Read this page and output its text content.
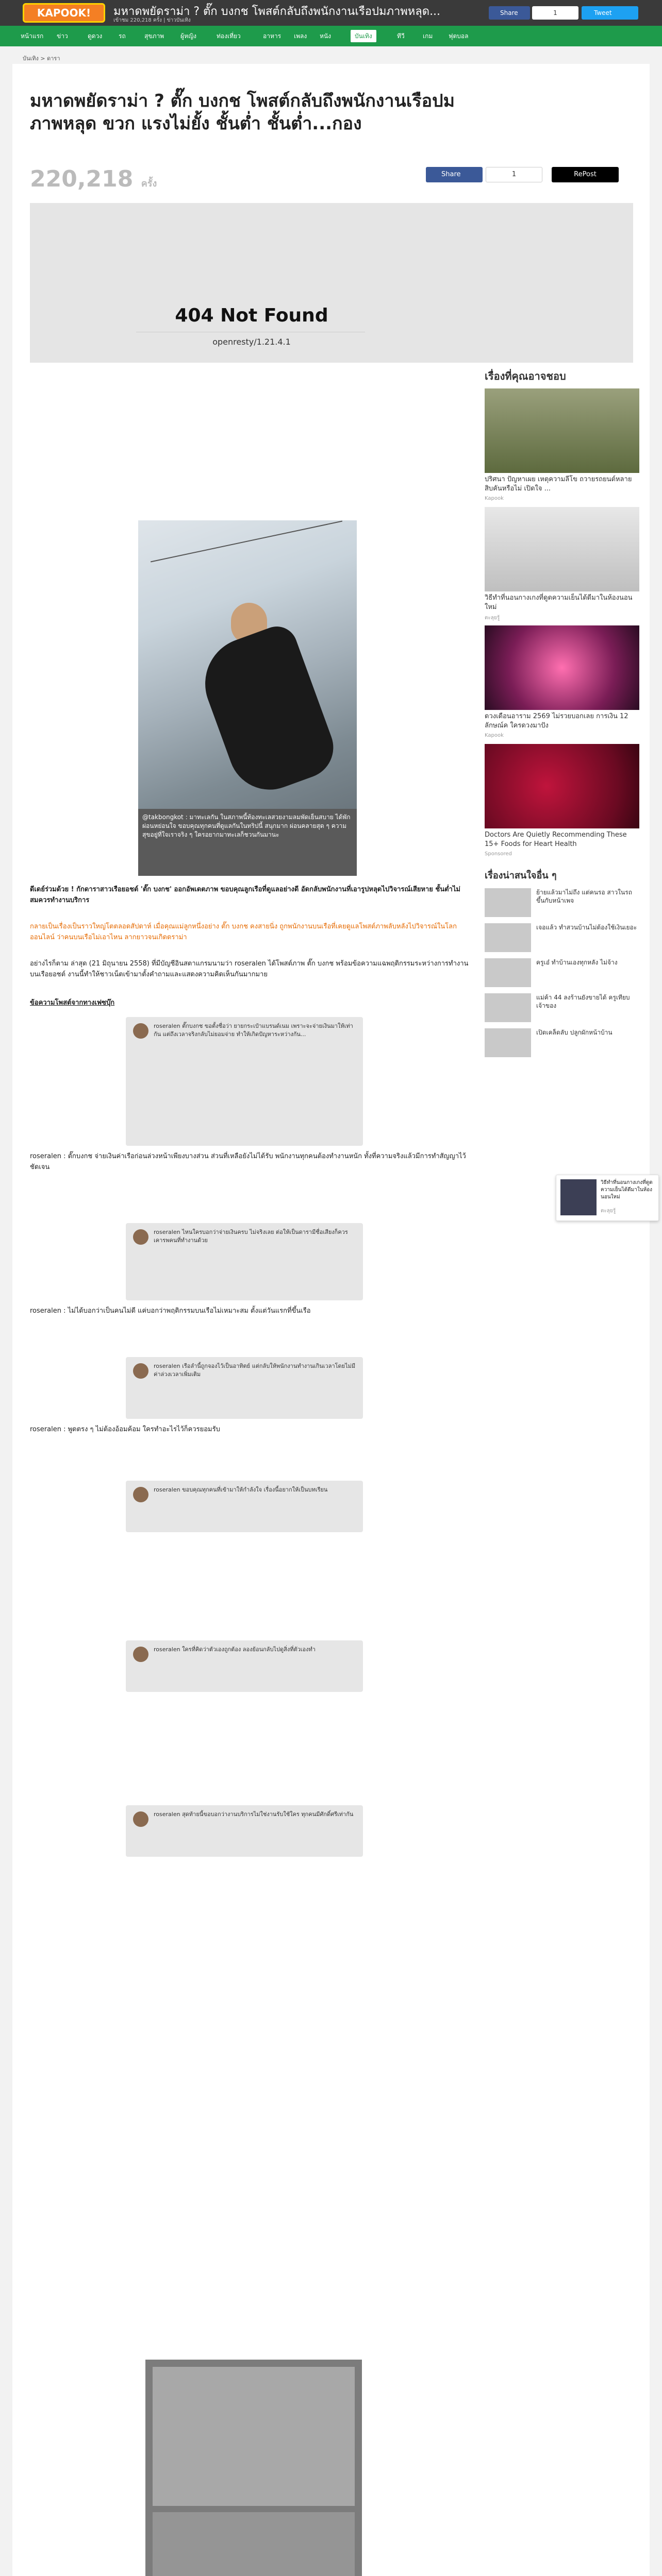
KAPOOK!	มหาดพยัดราม่า ? ตั๊ก บงกช โพสต์กลับถึงพนักงานเรือปมภาพหลุด...
เข้าชม 220,218 ครั้ง | ข่าวบันเทิง
Share	1	Tweet
หน้าแรก ข่าว	ดูดวง	รถ	สุขภาพ	ผู้หญิง	ท่องเที่ยว	อาหาร เพลง หนัง	บันเทิง	ทีวี	เกม	ฟุตบอล
บันเทิง > ดารา
มหาดพยัดราม่า ? ตั๊ก บงกช โพสต์กลับถึงพนักงานเรือปมภาพหลุด ขวก แรงไม่ยั้ง ชั้นต่ำ ชั้นต่ำ...กอง
220,218 ครั้ง
Share	1	RePost
404 Not Found
openresty/1.21.4.1
เรื่องที่คุณอาจชอบ
ปริศนา ปัญหาเผย เหตุความลีโข ถวายรถยนต์หลายสิบคันหรือไม่ เปิดใจ ...
Kapook
วิธีทำที่นอนกางเกงที่ดูดความเย็นได้ดีมาในห้องนอนใหม่
ตะลุยรู้
ดวงเดือนอาราม 2569 ไม่รวยบอกเลย การเงิน 12 ลักษณ์ค ใครดวงมาปัง
Kapook
Doctors Are Quietly Recommending These 15+ Foods for Heart Health
Sponsored
เรื่องน่าสนใจอื่น ๆ
ย้ายแล้วมาไม่ถึง แต่คนรอ สาวในรถ ขึ้นกับหน้าเพจ
เจอแล้ว ทำสวนบ้านไม่ต้องใช้เงินเยอะ
ครูเอ๋ ทำบ้านเองทุกหลัง ไม่จ้าง
แม่ค้า 44 ลงร้านยังขายได้ ครูเทียบเจ้าของ
เปิดเคล็ดลับ ปลูกผักหน้าบ้าน
@takbongkot : มาทะเลกัน ในสภาพนี้ท้องทะเลสวยงามลมพัดเย็นสบาย ได้พักผ่อนหย่อนใจ ขอบคุณทุกคนที่ดูแลกันในทริปนี้ สนุกมาก ผ่อนคลายสุด ๆ ความสุขอยู่ที่ใจเราจริง ๆ ใครอยากมาทะเลก็ชวนกันมานะ
ดีเดย์ร่วมด้วย ! กักดาราสาวเรือยอชต์ 'ตั๊ก บงกช' ออกอัพเดตภาพ ขอบคุณลูกเรือที่ดูแลอย่างดี อัดกลับพนักงานที่เอารูปหลุดไปวิจารณ์เสียหาย ชั้นต่ำไม่สมควรทำงานบริการ
กลายเป็นเรื่องเป็นราวใหญ่โตตลอดสัปดาห์ เมื่อคุณแม่ลูกหนึ่งอย่าง ตั๊ก บงกช คงสายนิ่ง ถูกพนักงานบนเรือที่เคยดูแลโพสต์ภาพลับหลังไปวิจารณ์ในโลกออนไลน์ ว่าคนบนเรือไม่เอาไหน ลากยาวจนเกิดดราม่า
อย่างไรก็ตาม ล่าสุด (21 มิถุนายน 2558) ที่มีบัญชีอินสตาแกรมนามว่า roseralen ได้โพสต์ภาพ ตั๊ก บงกช พร้อมข้อความแฉพฤติกรรมระหว่างการทำงานบนเรือยอชต์ งานนี้ทำให้ชาวเน็ตเข้ามาตั้งคำถามและแสดงความคิดเห็นกันมากมาย
ข้อความโพสต์จากทางเฟซบุ๊ก
roseralen ตั๊กบงกช ขอตั้งชื่อว่า ยายกระเป๋าแบรนด์เนม เพราะจะจ่ายเงินมาให้เท่ากัน แต่ถึงเวลาจริงกลับไม่ยอมจ่าย ทำให้เกิดปัญหาระหว่างกัน...
roseralen : ตั๊กบงกช จ่ายเงินค่าเรือก่อนล่วงหน้าเพียงบางส่วน ส่วนที่เหลือยังไม่ได้รับ พนักงานทุกคนต้องทำงานหนัก ทั้งที่ความจริงแล้วมีการทำสัญญาไว้ชัดเจน
roseralen ไหนใครบอกว่าจ่ายเงินครบ ไม่จริงเลย ต่อให้เป็นดารามีชื่อเสียงก็ควรเคารพคนที่ทำงานด้วย
roseralen : ไม่ได้บอกว่าเป็นคนไม่ดี แค่บอกว่าพฤติกรรมบนเรือไม่เหมาะสม ตั้งแต่วันแรกที่ขึ้นเรือ
roseralen เรือลำนี้ถูกจองไว้เป็นอาทิตย์ แต่กลับให้พนักงานทำงานเกินเวลาโดยไม่มีค่าล่วงเวลาเพิ่มเติม
roseralen : พูดตรง ๆ ไม่ต้องอ้อมค้อม ใครทำอะไรไว้ก็ควรยอมรับ
roseralen ขอบคุณทุกคนที่เข้ามาให้กำลังใจ เรื่องนี้อยากให้เป็นบทเรียน
roseralen ใครที่คิดว่าตัวเองถูกต้อง ลองย้อนกลับไปดูสิ่งที่ตัวเองทำ
roseralen สุดท้ายนี้ขอบอกว่างานบริการไม่ใช่งานรับใช้ใคร ทุกคนมีศักดิ์ศรีเท่ากัน
วิธีทำที่นอนกางเกงที่ดูดความเย็นได้ดีมาในห้องนอนใหม่
ตะลุยรู้
